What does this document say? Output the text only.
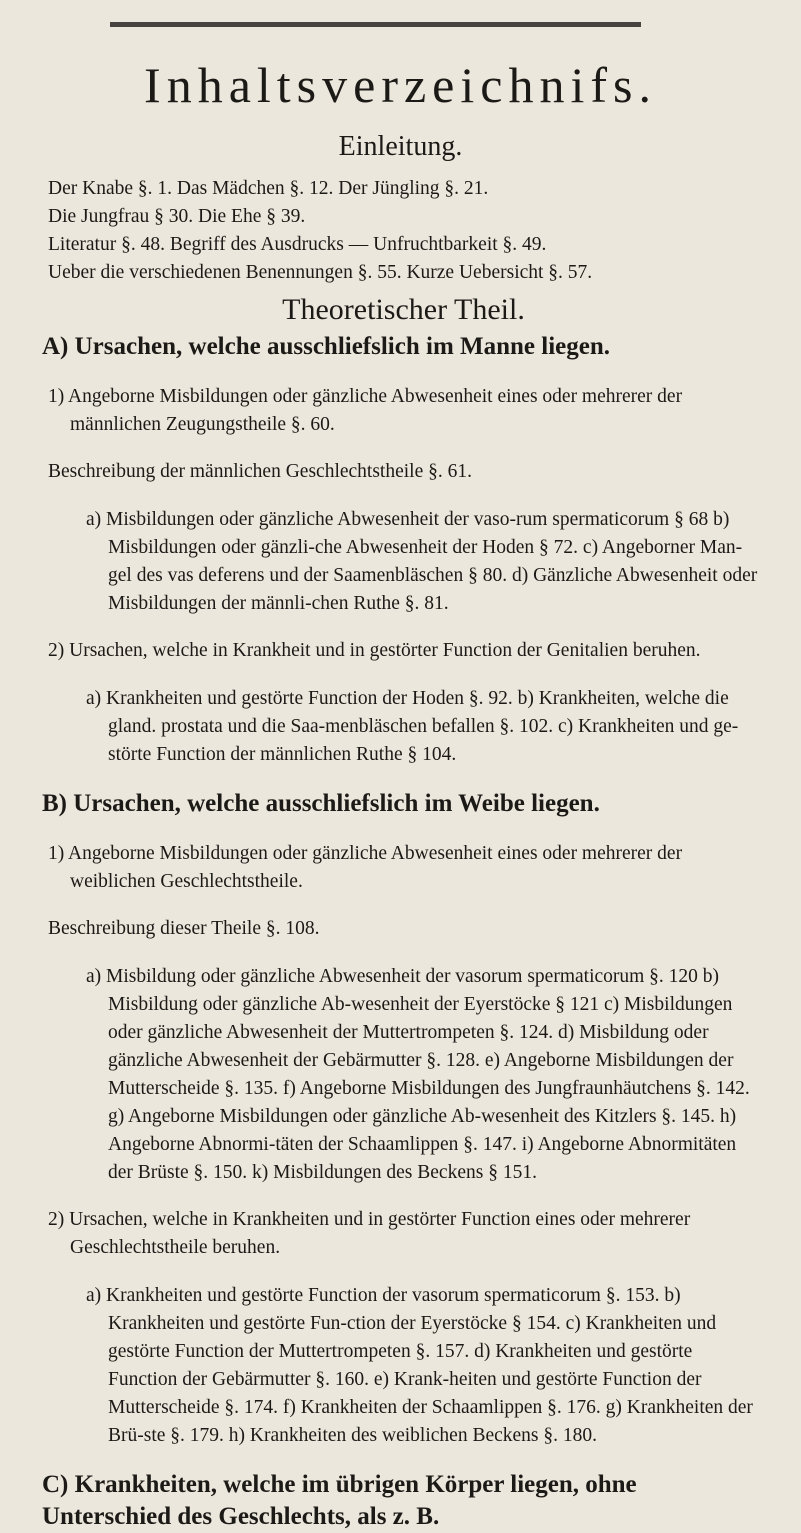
Inhaltsverzeichnifs.
Einleitung.

Der Knabe §. 1. Das Mädchen §. 12. Der Jüngling §. 21.

Die Jungfrau § 30. Die Ehe § 39.

Literatur §. 48. Begriff des Ausdrucks — Unfruchtbarkeit §. 49.

Ueber die verschiedenen Benennungen §. 55. Kurze Uebersicht §. 57.

Theoretischer Theil.

A) Ursachen, welche ausschliefslich im Manne liegen.

1) Angeborne Misbildungen oder gänzliche Abwesenheit eines oder mehrerer der männlichen Zeugungstheile §. 60.

Beschreibung der männlichen Geschlechtstheile §. 61.

a) Misbildungen oder gänzliche Abwesenheit der vaso-rum spermaticorum § 68 b) Misbildungen oder gänzli-che Abwesenheit der Hoden § 72. c) Angeborner Man-gel des vas deferens und der Saamenbläschen § 80. d) Gänzliche Abwesenheit oder Misbildungen der männli-chen Ruthe §. 81.

2) Ursachen, welche in Krankheit und in gestörter Function der Genitalien beruhen.

a) Krankheiten und gestörte Function der Hoden §. 92. b) Krankheiten, welche die gland. prostata und die Saa-menbläschen befallen §. 102. c) Krankheiten und ge-störte Function der männlichen Ruthe § 104.

B) Ursachen, welche ausschliefslich im Weibe liegen.

1) Angeborne Misbildungen oder gänzliche Abwesenheit eines oder mehrerer der weiblichen Geschlechtstheile.

Beschreibung dieser Theile §. 108.

a) Misbildung oder gänzliche Abwesenheit der vasorum spermaticorum §. 120 b) Misbildung oder gänzliche Ab-wesenheit der Eyerstöcke § 121 c) Misbildungen oder gänzliche Abwesenheit der Muttertrompeten §. 124. d) Misbildung oder gänzliche Abwesenheit der Gebärmutter §. 128. e) Angeborne Misbildungen der Mutterscheide §. 135. f) Angeborne Misbildungen des Jungfraunhäutchens §. 142. g) Angeborne Misbildungen oder gänzliche Ab-wesenheit des Kitzlers §. 145. h) Angeborne Abnormi-täten der Schaamlippen §. 147. i) Angeborne Abnormitäten der Brüste §. 150. k) Misbildungen des Beckens § 151.

2) Ursachen, welche in Krankheiten und in gestörter Function eines oder mehrerer Geschlechtstheile beruhen.

a) Krankheiten und gestörte Function der vasorum spermaticorum §. 153. b) Krankheiten und gestörte Fun-ction der Eyerstöcke § 154. c) Krankheiten und gestörte Function der Muttertrompeten §. 157. d) Krankheiten und gestörte Function der Gebärmutter §. 160. e) Krank-heiten und gestörte Function der Mutterscheide §. 174. f) Krankheiten der Schaamlippen §. 176. g) Krankheiten der Brü-ste §. 179. h) Krankheiten des weiblichen Beckens §. 180.

C) Krankheiten, welche im übrigen Körper liegen, ohne Unterschied des Geschlechts, als z. B.
